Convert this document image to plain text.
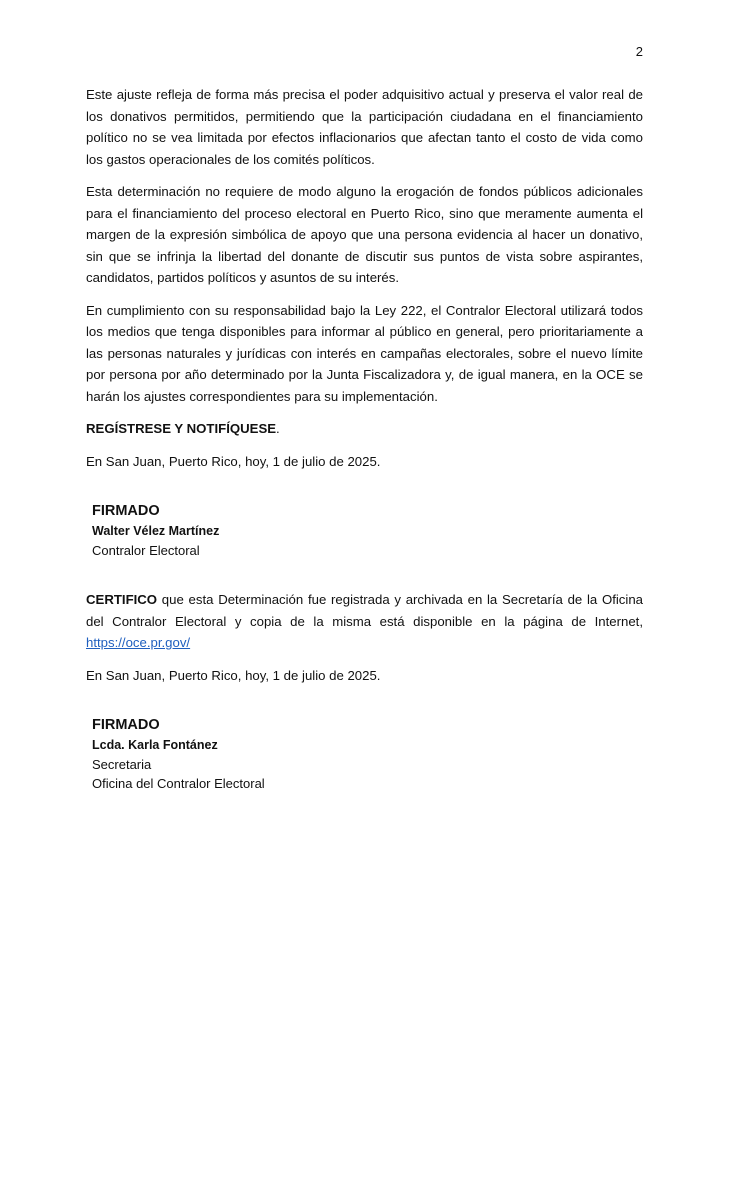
2

Este ajuste refleja de forma más precisa el poder adquisitivo actual y preserva el valor real de los donativos permitidos, permitiendo que la participación ciudadana en el financiamiento político no se vea limitada por efectos inflacionarios que afectan tanto el costo de vida como los gastos operacionales de los comités políticos.

Esta determinación no requiere de modo alguno la erogación de fondos públicos adicionales para el financiamiento del proceso electoral en Puerto Rico, sino que meramente aumenta el margen de la expresión simbólica de apoyo que una persona evidencia al hacer un donativo, sin que se infrinja la libertad del donante de discutir sus puntos de vista sobre aspirantes, candidatos, partidos políticos y asuntos de su interés.

En cumplimiento con su responsabilidad bajo la Ley 222, el Contralor Electoral utilizará todos los medios que tenga disponibles para informar al público en general, pero prioritariamente a las personas naturales y jurídicas con interés en campañas electorales, sobre el nuevo límite por persona por año determinado por la Junta Fiscalizadora y, de igual manera, en la OCE se harán los ajustes correspondientes para su implementación.

REGÍSTRESE Y NOTIFÍQUESE.

En San Juan, Puerto Rico, hoy, 1 de julio de 2025.

FIRMADO
Walter Vélez Martínez
Contralor Electoral

CERTIFICO que esta Determinación fue registrada y archivada en la Secretaría de la Oficina del Contralor Electoral y copia de la misma está disponible en la página de Internet, https://oce.pr.gov/

En San Juan, Puerto Rico, hoy, 1 de julio de 2025.

FIRMADO
Lcda. Karla Fontánez
Secretaria
Oficina del Contralor Electoral
